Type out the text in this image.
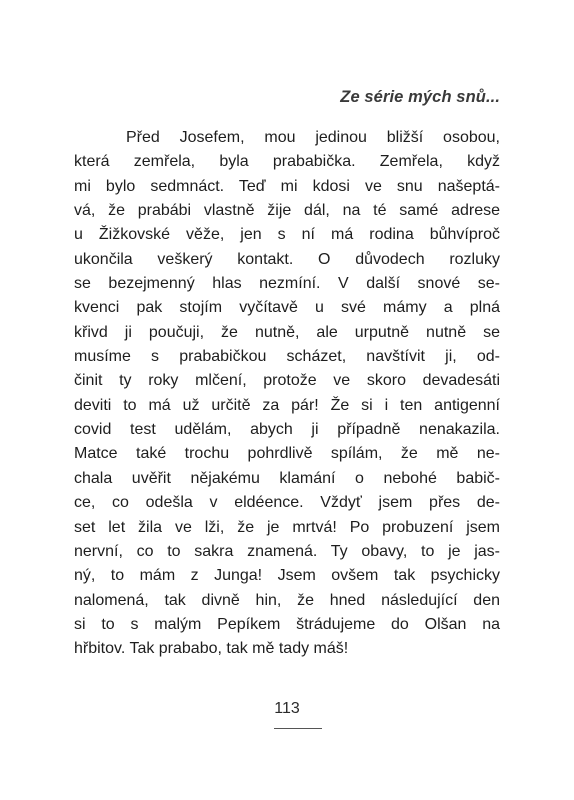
Ze série mých snů...
Před Josefem, mou jedinou bližší osobou,
která zemřela, byla prababička. Zemřela, když
mi bylo sedmnáct. Teď mi kdosi ve snu našeptá-
vá, že prabábi vlastně žije dál, na té samé adrese
u Žižkovské věže, jen s ní má rodina bůhvíproč
ukončila veškerý kontakt. O důvodech rozluky
se bezejmenný hlas nezmíní. V další snové se-
kvenci pak stojím vyčítavě u své mámy a plná
křivd ji poučuji, že nutně, ale urputně nutně se
musíme s prababičkou scházet, navštívit ji, od-
činit ty roky mlčení, protože ve skoro devadesáti
deviti to má už určitě za pár! Že si i ten antigenní
covid test udělám, abych ji případně nenakazila.
Matce také trochu pohrdlivě spílám, že mě ne-
chala uvěřit nějakému klamání o nebohé babič-
ce, co odešla v eldéence. Vždyť jsem přes de-
set let žila ve lži, že je mrtvá! Po probuzení jsem
nervní, co to sakra znamená. Ty obavy, to je jas-
ný, to mám z Junga! Jsem ovšem tak psychicky
nalomená, tak divně hin, že hned následující den
si to s malým Pepíkem štrádujeme do Olšan na
hřbitov. Tak prababo, tak mě tady máš!
113
